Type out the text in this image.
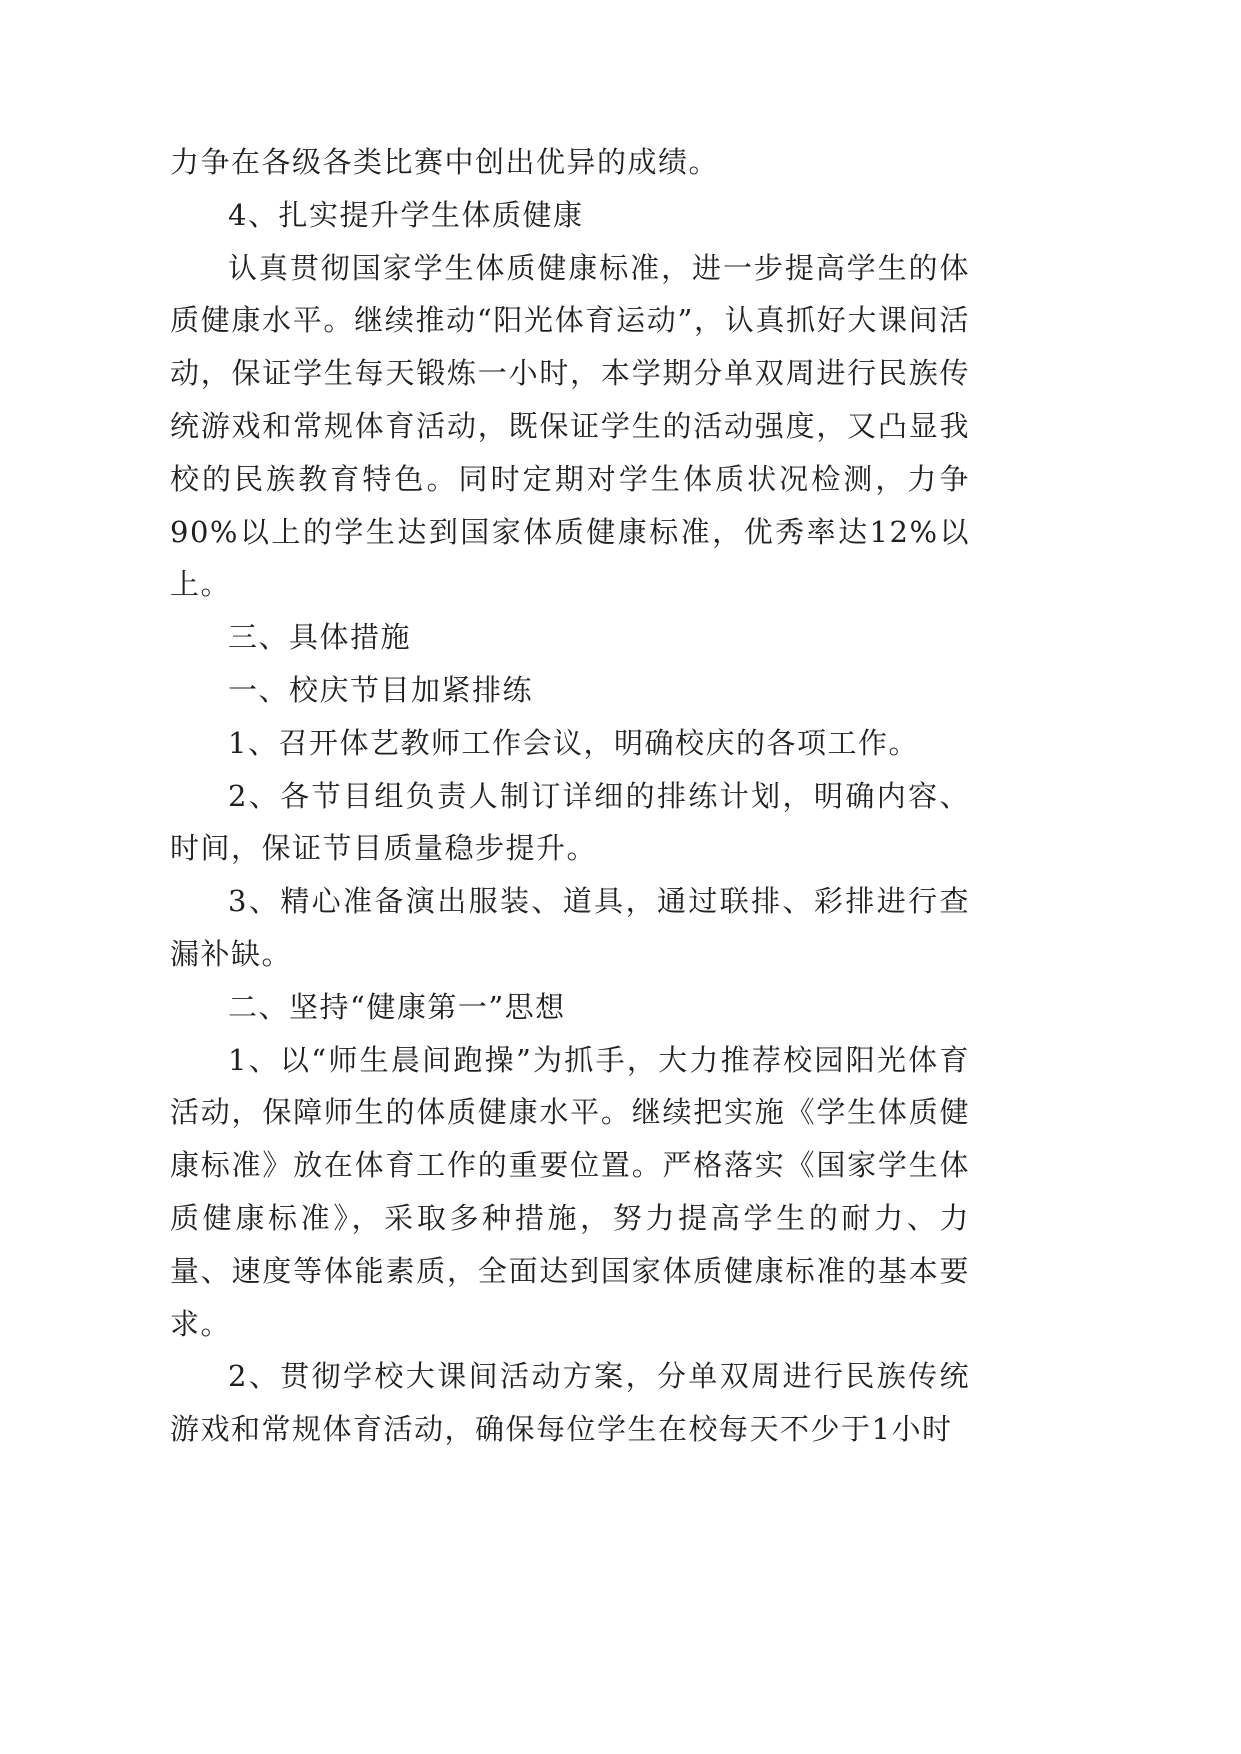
力争在各级各类比赛中创出优异的成绩。

4、扎实提升学生体质健康

认真贯彻国家学生体质健康标准，进一步提高学生的体质健康水平。继续推动“阳光体育运动”，认真抓好大课间活动，保证学生每天锻炼一小时，本学期分单双周进行民族传统游戏和常规体育活动，既保证学生的活动强度，又凸显我校的民族教育特色。同时定期对学生体质状况检测，力争90%以上的学生达到国家体质健康标准，优秀率达12%以上。

三、具体措施

一、校庆节目加紧排练

1、召开体艺教师工作会议，明确校庆的各项工作。

2、各节目组负责人制订详细的排练计划，明确内容、时间，保证节目质量稳步提升。

3、精心准备演出服装、道具，通过联排、彩排进行查漏补缺。

二、坚持“健康第一”思想

1、以“师生晨间跑操”为抓手，大力推荐校园阳光体育活动，保障师生的体质健康水平。继续把实施《学生体质健康标准》放在体育工作的重要位置。严格落实《国家学生体质健康标准》，采取多种措施，努力提高学生的耐力、力量、速度等体能素质，全面达到国家体质健康标准的基本要求。

2、贯彻学校大课间活动方案，分单双周进行民族传统游戏和常规体育活动，确保每位学生在校每天不少于1小时
